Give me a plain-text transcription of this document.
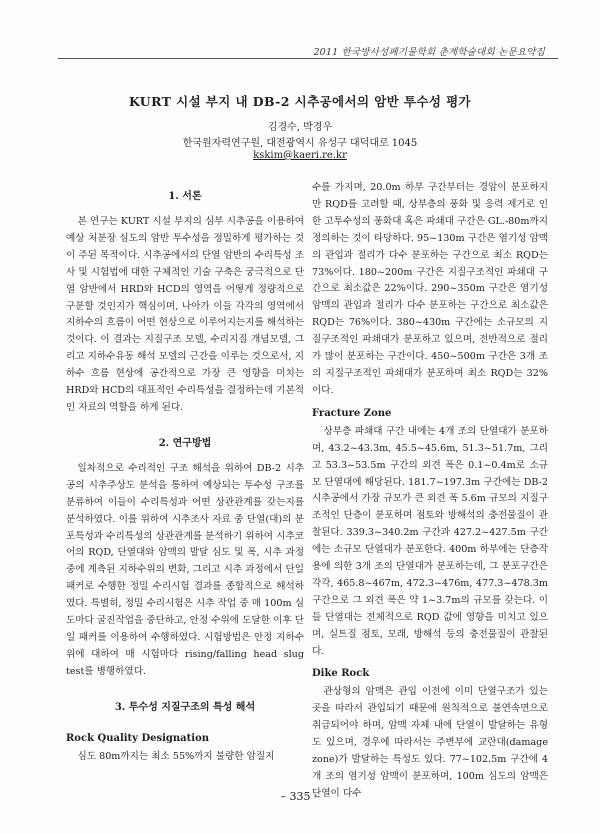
2011 한국방사성폐기물학회 춘계학술대회 논문요약집
KURT 시설 부지 내 DB-2 시추공에서의 암반 투수성 평가
김경수, 박경우
한국원자력연구원, 대전광역시 유성구 대덕대로 1045
kskim@kaeri.re.kr
1. 서론

본 연구는 KURT 시설 부지의 심부 시추공을 이용하여 예상 처분장 심도의 암반 투수성을 정밀하게 평가하는 것이 주된 목적이다. 시추공에서의 단열 암반의 수리특성 조사 및 시험법에 대한 구체적인 기술 구축은 궁극적으로 단열 암반에서 HRD와 HCD의 영역을 어떻게 정량적으로 구분할 것인지가 핵심이며, 나아가 이들 각각의 영역에서 지하수의 흐름이 어떤 현상으로 이루어지는지를 해석하는 것이다. 이 결과는 지질구조 모델, 수리지질 개념모델, 그리고 지하수유동 해석 모델의 근간을 이루는 것으로서, 지하수 흐름 현상에 공간적으로 가장 큰 영향을 미치는 HRD와 HCD의 대표적인 수리특성을 결정하는데 기본적인 자료의 역할을 하게 된다.

2. 연구방법

일차적으로 수리적인 구조 해석을 위하여 DB-2 시추공의 시추주상도 분석을 통하여 예상되는 투수성 구조를 분류하여 이들이 수리특성과 어떤 상관관계를 갖는지를 분석하였다. 이를 위하여 시추조사 자료 중 단열(대)의 분포특성과 수리특성의 상관관계를 분석하기 위하여 시추코어의 RQD, 단열대와 암맥의 발달 심도 및 폭, 시추 과정 중에 계측된 지하수위의 변화, 그리고 시추 과정에서 단일 패커로 수행한 정밀 수리시험 결과를 종합적으로 해석하였다. 특별히, 정밀 수리시험은 시추 작업 중 매 100m 심도마다 굴진작업을 중단하고, 안정 수위에 도달한 이후 단일 패커를 이용하여 수행하였다. 시험방법은 안정 지하수위에 대하여 매 시험마다 rising/falling head slug test를 병행하였다.

3. 투수성 지질구조의 특성 해석
Rock Quality Designation

심도 80m까지는 최소 55%까지 불량한 암질지

수를 가지며, 20.0m 하부 구간부터는 경암이 분포하지만 RQD를 고려할 때, 상부층의 풍화 및 응력 제거로 인한 고투수성의 풍화대 혹은 파쇄대 구간은 GL.-80m까지 정의하는 것이 타당하다. 95~130m 구간은 염기성 암맥의 관입과 절리가 다수 분포하는 구간으로 최소 RQD는 73%이다. 180~200m 구간은 지질구조적인 파쇄대 구간으로 최소값은 22%이다. 290~350m 구간은 염기성 암맥의 관입과 절리가 다수 분포하는 구간으로 최소값은 RQD는 76%이다. 380~430m 구간에는 소규모의 지질구조적인 파쇄대가 분포하고 있으며, 전반적으로 절리가 많이 분포하는 구간이다. 450~500m 구간은 3개 조의 지질구조적인 파쇄대가 분포하며 최소 RQD는 32%이다.

Fracture Zone

상부층 파쇄대 구간 내에는 4개 조의 단열대가 분포하며, 43.2~43.3m, 45.5~45.6m, 51.3~51.7m, 그리고 53.3~53.5m 구간의 외견 폭은 0.1~0.4m로 소규모 단열대에 해당된다. 181.7~197.3m 구간에는 DB-2 시추공에서 가장 규모가 큰 외견 폭 5.6m 규모의 지질구조적인 단층이 분포하며 점토와 방해석의 충전물질이 관찰된다. 339.3~340.2m 구간과 427.2~427.5m 구간에는 소규모 단열대가 분포한다. 400m 하부에는 단층작용에 의한 3개 조의 단열대가 분포하는데, 그 분포구간은 각각, 465.8~467m, 472.3~476m, 477.3~478.3m 구간으로 그 외견 폭은 약 1~3.7m의 규모를 갖는다. 이들 단열대는 전체적으로 RQD 값에 영향을 미치고 있으며, 실트질 점토, 모래, 방해석 등의 충전물질이 관찰된다.

Dike Rock

관상형의 암맥은 관입 이전에 이미 단열구조가 있는 곳을 따라서 관입되기 때문에 원칙적으로 불연속면으로 취급되어야 하며, 암맥 자체 내에 단열이 발달하는 유형도 있으며, 경우에 따라서는 주변부에 교란대(damage zone)가 발달하는 특성도 있다. 77~102.5m 구간에 4개 조의 염기성 암맥이 분포하며, 100m 심도의 암맥은 단열이 다수

– 335 –
